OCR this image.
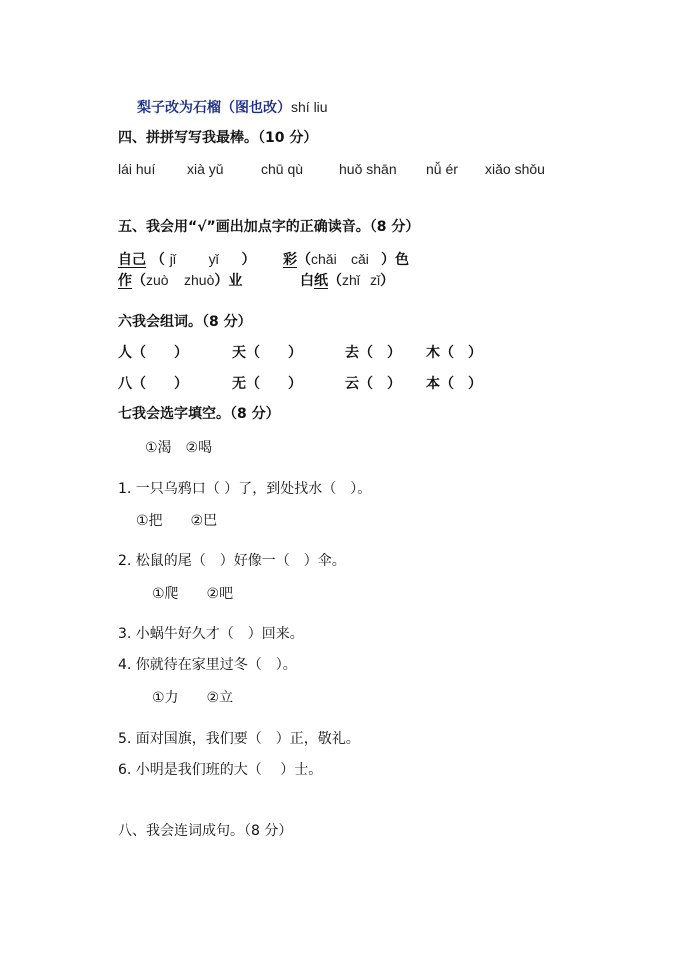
梨子改为石榴（图也改）shí liu
四、拼拼写写我最棒。（10 分）
lái huí xià yǔ	chū qù	huǒ shān nǚ ér xiǎo shǒu
五、我会用“√”画出加点字的正确读音。（8 分）
自己 （ jǐ yǐ ） 彩（chǎi cǎi ）色
作（zuò zhuò）业	白纸（zhǐ zǐ）
六我会组词。（8 分）
人（　　）	天（　　）	去（　） 木（　）
八（　　）	无（　　）	云（　） 本（　）
七我会选字填空。（8 分）
①渴　②喝
1. 一只乌鸦口（ ）了，到处找水（　）。
①把　　②巴
2. 松鼠的尾（　）好像一（　）伞。
①爬　　②吧
3. 小蜗牛好久才（　）回来。
4. 你就待在家里过冬（　）。
①力　　②立
5. 面对国旗，我们要（　）正，敬礼。
6. 小明是我们班的大（　 ）士。
八、我会连词成句。（8 分）
